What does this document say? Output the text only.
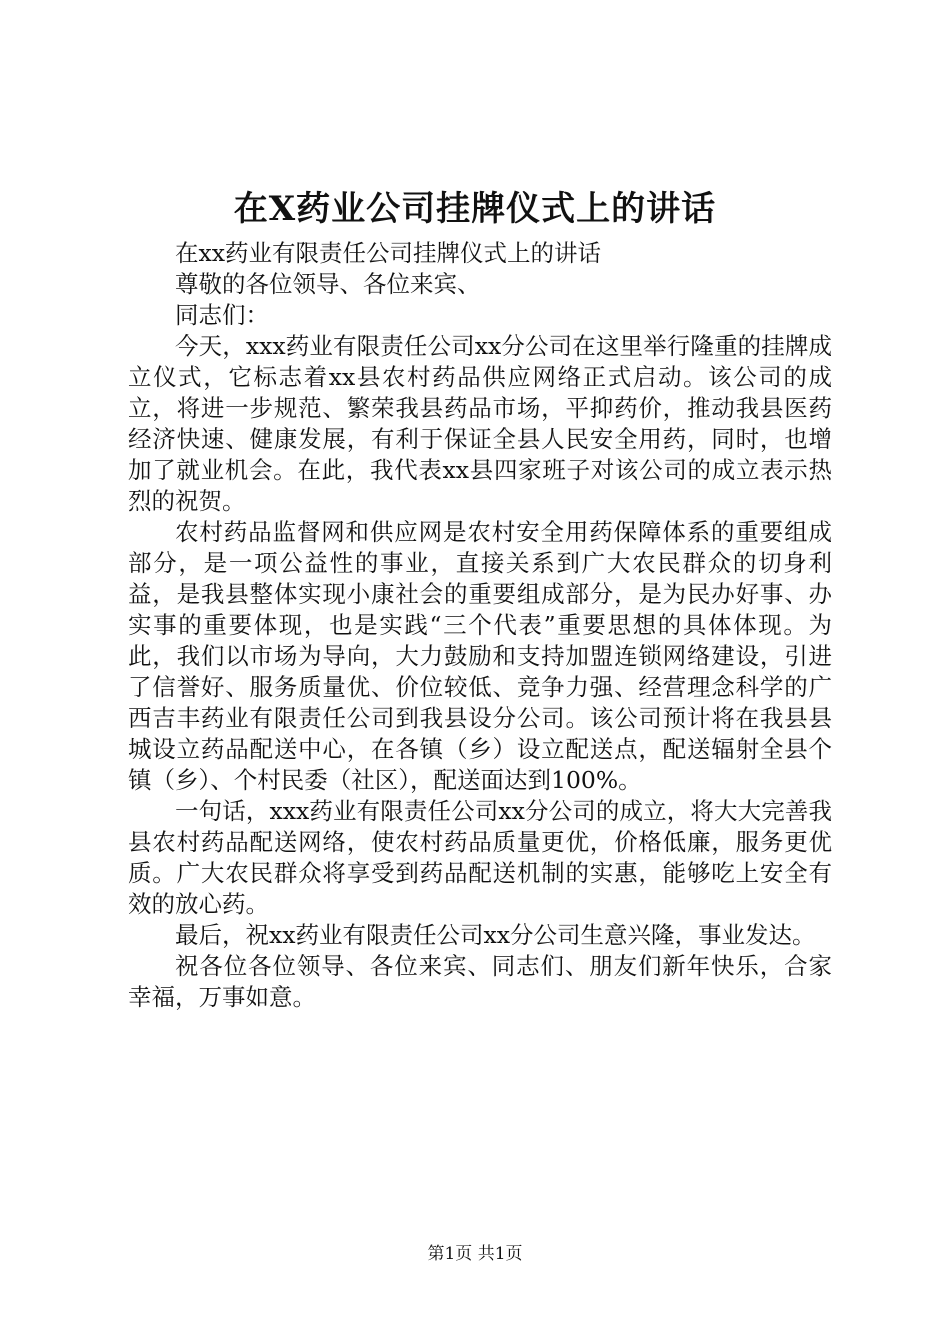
在X药业公司挂牌仪式上的讲话

在xx药业有限责任公司挂牌仪式上的讲话

尊敬的各位领导、各位来宾、

同志们：

今天，xxx药业有限责任公司xx分公司在这里举行隆重的挂牌成立仪式，它标志着xx县农村药品供应网络正式启动。该公司的成立，将进一步规范、繁荣我县药品市场，平抑药价，推动我县医药经济快速、健康发展，有利于保证全县人民安全用药，同时，也增加了就业机会。在此，我代表xx县四家班子对该公司的成立表示热烈的祝贺。

农村药品监督网和供应网是农村安全用药保障体系的重要组成部分，是一项公益性的事业，直接关系到广大农民群众的切身利益，是我县整体实现小康社会的重要组成部分，是为民办好事、办实事的重要体现，也是实践“三个代表”重要思想的具体体现。为此，我们以市场为导向，大力鼓励和支持加盟连锁网络建设，引进了信誉好、服务质量优、价位较低、竞争力强、经营理念科学的广西吉丰药业有限责任公司到我县设分公司。该公司预计将在我县县城设立药品配送中心，在各镇（乡）设立配送点，配送辐射全县个镇（乡）、个村民委（社区），配送面达到100%。

一句话，xxx药业有限责任公司xx分公司的成立，将大大完善我县农村药品配送网络，使农村药品质量更优，价格低廉，服务更优质。广大农民群众将享受到药品配送机制的实惠，能够吃上安全有效的放心药。

最后，祝xx药业有限责任公司xx分公司生意兴隆，事业发达。

祝各位各位领导、各位来宾、同志们、朋友们新年快乐，合家幸福，万事如意。

第1页 共1页
